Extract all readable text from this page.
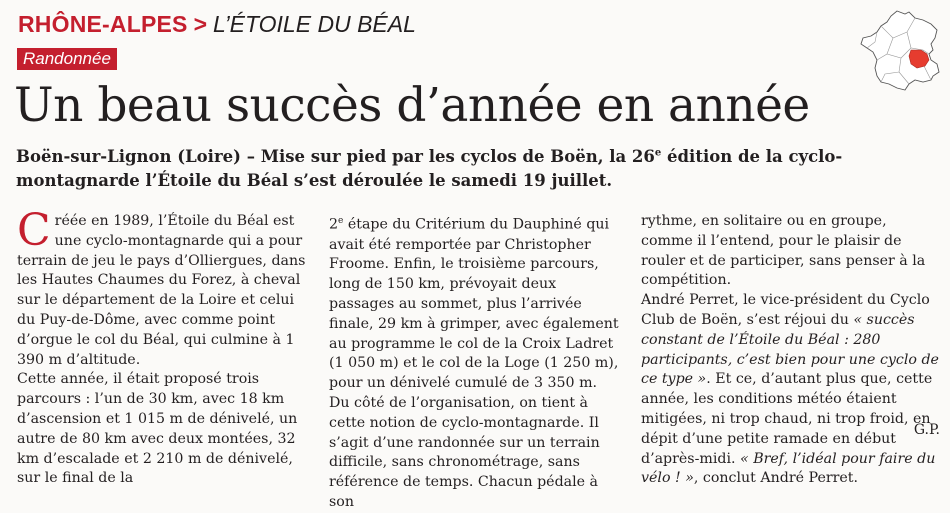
RHÔNE-ALPES > L’ÉTOILE DU BÉAL
Randonnée
Un beau succès d’année en année
Boën-sur-Lignon (Loire) – Mise sur pied par les cyclos de Boën, la 26e édition de la cyclo-montagnarde l’Étoile du Béal s’est déroulée le samedi 19 juillet.

Créée en 1989, l’Étoile du Béal est une cyclo-montagnarde qui a pour terrain de jeu le pays d’Olliergues, dans les Hautes Chaumes du Forez, à cheval sur le département de la Loire et celui du Puy-de-Dôme, avec comme point d’orgue le col du Béal, qui culmine à 1 390 m d’altitude.

Cette année, il était proposé trois parcours : l’un de 30 km, avec 18 km d’ascension et 1 015 m de dénivelé, un autre de 80 km avec deux montées, 32 km d’escalade et 2 210 m de dénivelé, sur le final de la

2e étape du Critérium du Dauphiné qui avait été remportée par Christopher Froome. Enfin, le troisième parcours, long de 150 km, prévoyait deux passages au sommet, plus l’arrivée finale, 29 km à grimper, avec également au programme le col de la Croix Ladret (1 050 m) et le col de la Loge (1 250 m), pour un dénivelé cumulé de 3 350 m.

Du côté de l’organisation, on tient à cette notion de cyclo-montagnarde. Il s’agit d’une randonnée sur un terrain difficile, sans chronométrage, sans référence de temps. Chacun pédale à son

rythme, en solitaire ou en groupe, comme il l’entend, pour le plaisir de rouler et de participer, sans penser à la compétition.

André Perret, le vice-président du Cyclo Club de Boën, s’est réjoui du « succès constant de l’Étoile du Béal : 280 participants, c’est bien pour une cyclo de ce type ». Et ce, d’autant plus que, cette année, les conditions météo étaient mitigées, ni trop chaud, ni trop froid, en dépit d’une petite ramade en début d’après-midi. « Bref, l’idéal pour faire du vélo ! », conclut André Perret.

G.P.
